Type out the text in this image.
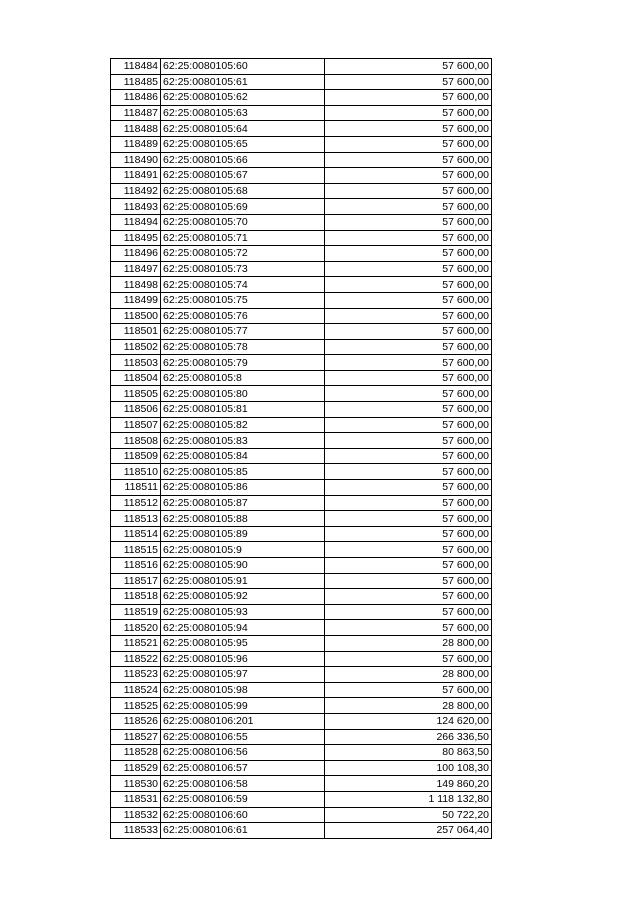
118484	62:25:0080105:60	57 600,00
118485	62:25:0080105:61	57 600,00
118486	62:25:0080105:62	57 600,00
118487	62:25:0080105:63	57 600,00
118488	62:25:0080105:64	57 600,00
118489	62:25:0080105:65	57 600,00
118490	62:25:0080105:66	57 600,00
118491	62:25:0080105:67	57 600,00
118492	62:25:0080105:68	57 600,00
118493	62:25:0080105:69	57 600,00
118494	62:25:0080105:70	57 600,00
118495	62:25:0080105:71	57 600,00
118496	62:25:0080105:72	57 600,00
118497	62:25:0080105:73	57 600,00
118498	62:25:0080105:74	57 600,00
118499	62:25:0080105:75	57 600,00
118500	62:25:0080105:76	57 600,00
118501	62:25:0080105:77	57 600,00
118502	62:25:0080105:78	57 600,00
118503	62:25:0080105:79	57 600,00
118504	62:25:0080105:8	57 600,00
118505	62:25:0080105:80	57 600,00
118506	62:25:0080105:81	57 600,00
118507	62:25:0080105:82	57 600,00
118508	62:25:0080105:83	57 600,00
118509	62:25:0080105:84	57 600,00
118510	62:25:0080105:85	57 600,00
118511	62:25:0080105:86	57 600,00
118512	62:25:0080105:87	57 600,00
118513	62:25:0080105:88	57 600,00
118514	62:25:0080105:89	57 600,00
118515	62:25:0080105:9	57 600,00
118516	62:25:0080105:90	57 600,00
118517	62:25:0080105:91	57 600,00
118518	62:25:0080105:92	57 600,00
118519	62:25:0080105:93	57 600,00
118520	62:25:0080105:94	57 600,00
118521	62:25:0080105:95	28 800,00
118522	62:25:0080105:96	57 600,00
118523	62:25:0080105:97	28 800,00
118524	62:25:0080105:98	57 600,00
118525	62:25:0080105:99	28 800,00
118526	62:25:0080106:201	124 620,00
118527	62:25:0080106:55	266 336,50
118528	62:25:0080106:56	80 863,50
118529	62:25:0080106:57	100 108,30
118530	62:25:0080106:58	149 860,20
118531	62:25:0080106:59	1 118 132,80
118532	62:25:0080106:60	50 722,20
118533	62:25:0080106:61	257 064,40
